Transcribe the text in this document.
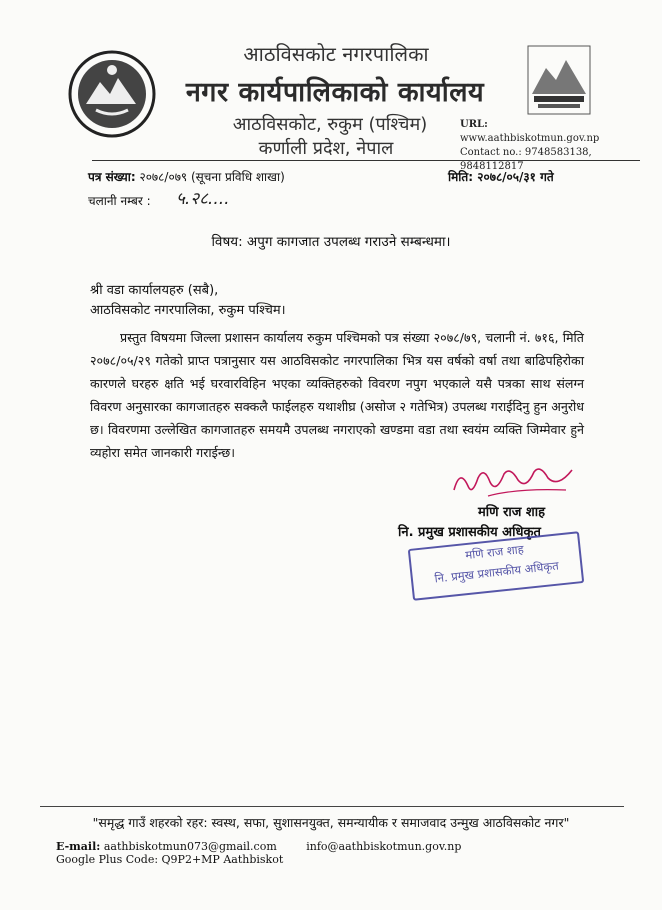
आठविसकोट नगरपालिका
नगर कार्यपालिकाको कार्यालय
आठविसकोट, रुकुम (पश्चिम)
कर्णाली प्रदेश, नेपाल
URL: www.aathbiskotmun.gov.np
Contact no.: 9748583138, 9848112817
पत्र संख्या: २०७८/०७९ (सूचना प्रविधि शाखा)	मिति: २०७८/०५/३१ गते
चलानी नम्बर : ५.२८....
विषय: अपुग कागजात उपलब्ध गराउने सम्बन्धमा।
श्री वडा कार्यालयहरु (सबै),
आठविसकोट नगरपालिका, रुकुम पश्चिम।
प्रस्तुत विषयमा जिल्ला प्रशासन कार्यालय रुकुम पश्चिमको पत्र संख्या २०७८/७९, चलानी नं. ७१६, मिति २०७८/०५/२९ गतेको प्राप्त पत्रानुसार यस आठविसकोट नगरपालिका भित्र यस वर्षको वर्षा तथा बाढिपहिरोका कारणले घरहरु क्षति भई घरवारविहिन भएका व्यक्तिहरुको विवरण नपुग भएकाले यसै पत्रका साथ संलग्न विवरण अनुसारका कागजातहरु सक्कलै फाईलहरु यथाशीघ्र (असोज २ गतेभित्र) उपलब्ध गराईदिनु हुन अनुरोध छ। विवरणमा उल्लेखित कागजातहरु समयमै उपलब्ध नगराएको खण्डमा वडा तथा स्वयंम व्यक्ति जिम्मेवार हुने व्यहोरा समेत जानकारी गराईन्छ।
मणि राज शाह
नि. प्रमुख प्रशासकीय अधिकृत
मणि राज शाह
नि. प्रमुख प्रशासकीय अधिकृत
"समृद्ध गाउँ शहरको रहर: स्वस्थ, सफा, सुशासनयुक्त, समन्यायीक र समाजवाद उन्मुख आठविसकोट नगर"
E-mail: aathbiskotmun073@gmail.com	info@aathbiskotmun.gov.np Google Plus Code: Q9P2+MP Aathbiskot
